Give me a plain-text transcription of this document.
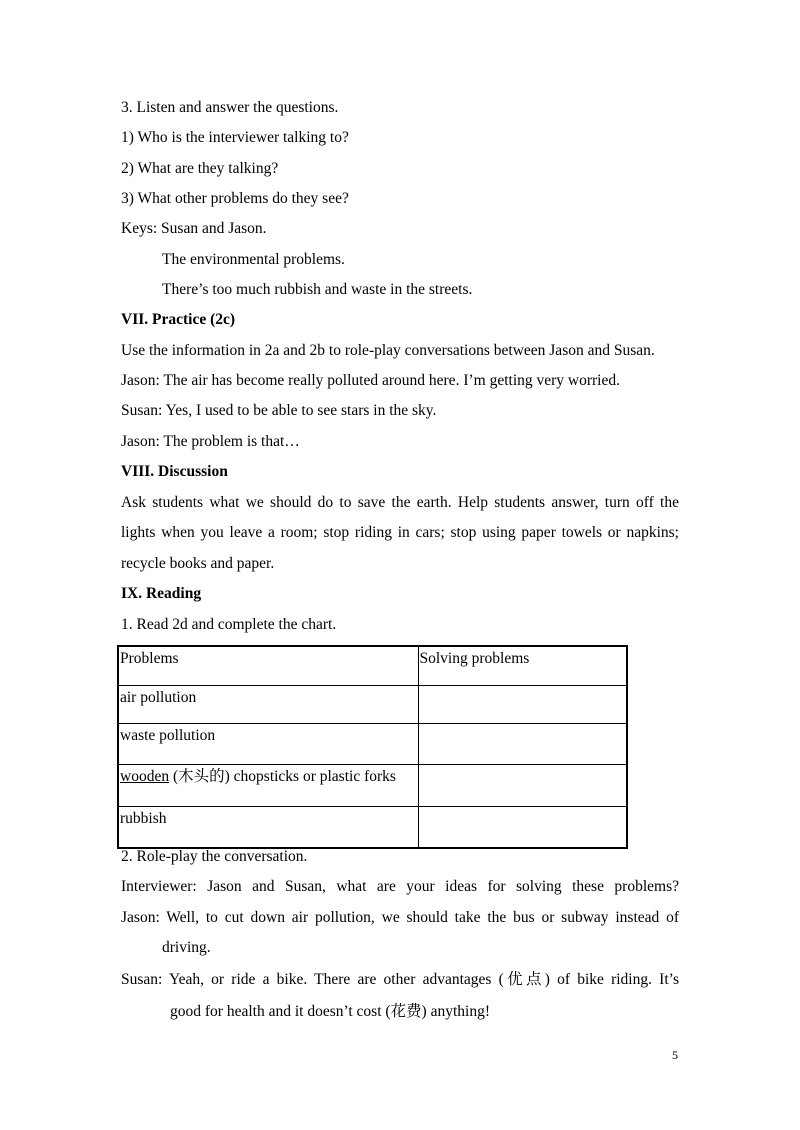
3. Listen and answer the questions.
1) Who is the interviewer talking to?
2) What are they talking?
3) What other problems do they see?
Keys: Susan and Jason.
The environmental problems.
There’s too much rubbish and waste in the streets.
VII. Practice (2c)
Use the information in 2a and 2b to role-play conversations between Jason and Susan.
Jason: The air has become really polluted around here. I’m getting very worried.
Susan: Yes, I used to be able to see stars in the sky.
Jason: The problem is that…
VIII. Discussion
Ask students what we should do to save the earth. Help students answer, turn off the
lights when you leave a room; stop riding in cars; stop using paper towels or napkins;
recycle books and paper.
IX. Reading
1. Read 2d and complete the chart.
Problems	Solving problems
air pollution	
waste pollution	
wooden (木头的) chopsticks or plastic forks	
rubbish	
2. Role-play the conversation.
Interviewer: Jason and Susan, what are your ideas for solving these problems?
Jason: Well, to cut down air pollution, we should take the bus or subway instead of
driving.
Susan: Yeah, or ride a bike. There are other advantages (优点) of bike riding. It’s
good for health and it doesn’t cost (花费) anything!
5
